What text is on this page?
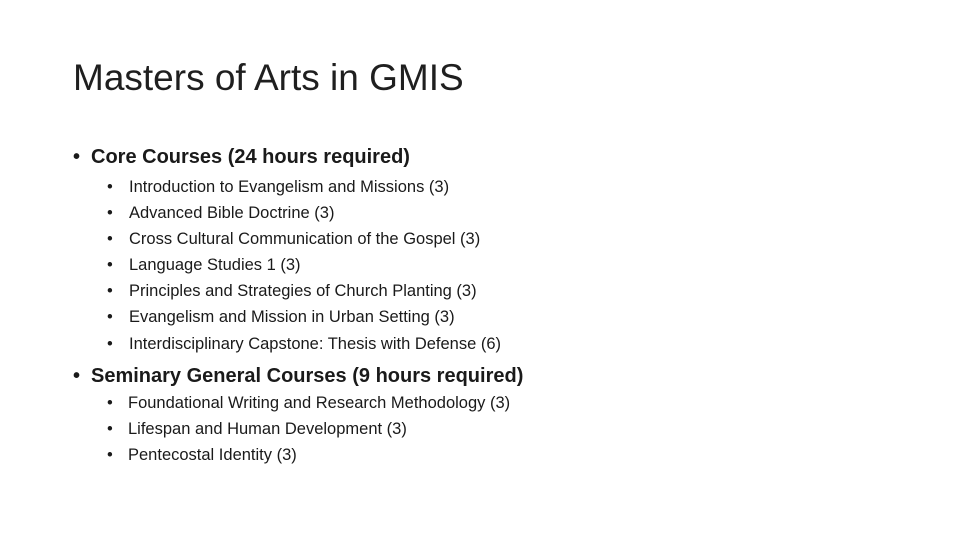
Masters of Arts in GMIS
• Core Courses (24 hours required)
• Introduction to Evangelism and Missions (3)
• Advanced Bible Doctrine (3)
• Cross Cultural Communication of the Gospel (3)
• Language Studies 1 (3)
• Principles and Strategies of Church Planting (3)
• Evangelism and Mission in Urban Setting (3)
• Interdisciplinary Capstone: Thesis with Defense (6)
• Seminary General Courses (9 hours required)
• Foundational Writing and Research Methodology (3)
• Lifespan and Human Development (3)
• Pentecostal Identity (3)
